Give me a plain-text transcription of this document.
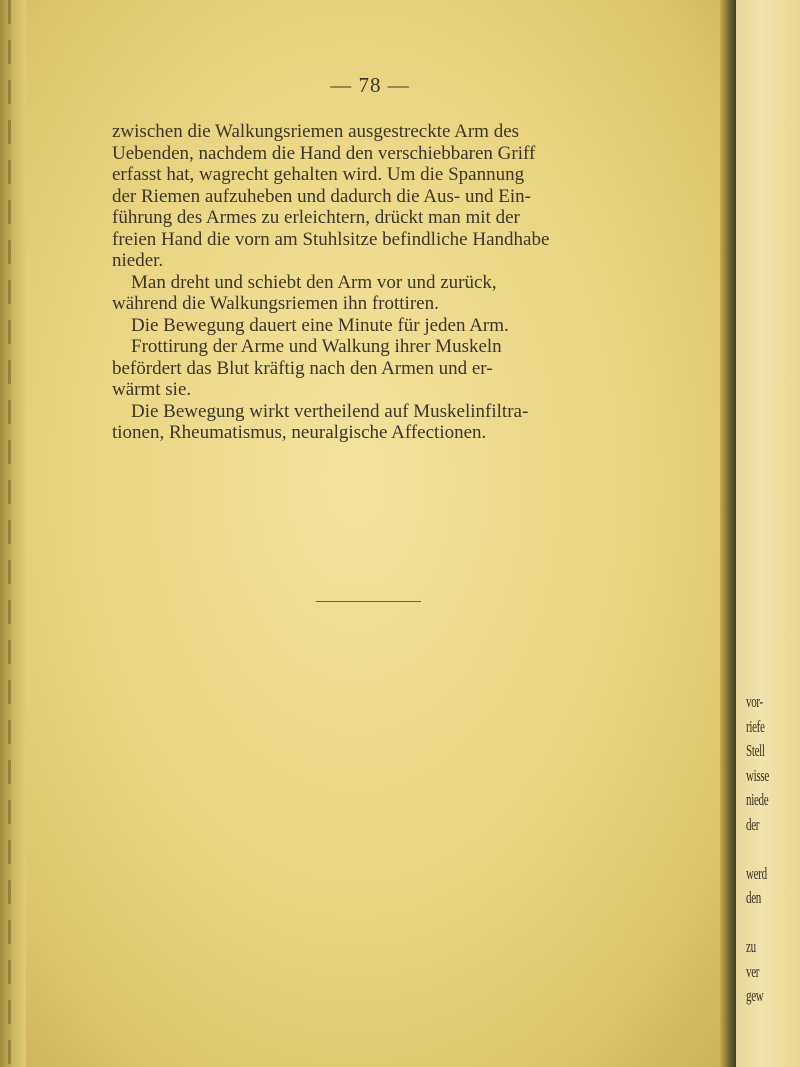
— 78 —
zwischen die Walkungsriemen ausgestreckte Arm des
Uebenden, nachdem die Hand den verschiebbaren Griff
erfasst hat, wagrecht gehalten wird. Um die Spannung
der Riemen aufzuheben und dadurch die Aus- und Ein-
führung des Armes zu erleichtern, drückt man mit der
freien Hand die vorn am Stuhlsitze befindliche Handhabe
nieder.
Man dreht und schiebt den Arm vor und zurück,
während die Walkungsriemen ihn frottiren.
Die Bewegung dauert eine Minute für jeden Arm.
Frottirung der Arme und Walkung ihrer Muskeln
befördert das Blut kräftig nach den Armen und er-
wärmt sie.
Die Bewegung wirkt vertheilend auf Muskelinfiltra-
tionen, Rheumatismus, neuralgische Affectionen.
vor-
riefe
Stell
wisse
niede
der
werd
den
zu
ver
gew
